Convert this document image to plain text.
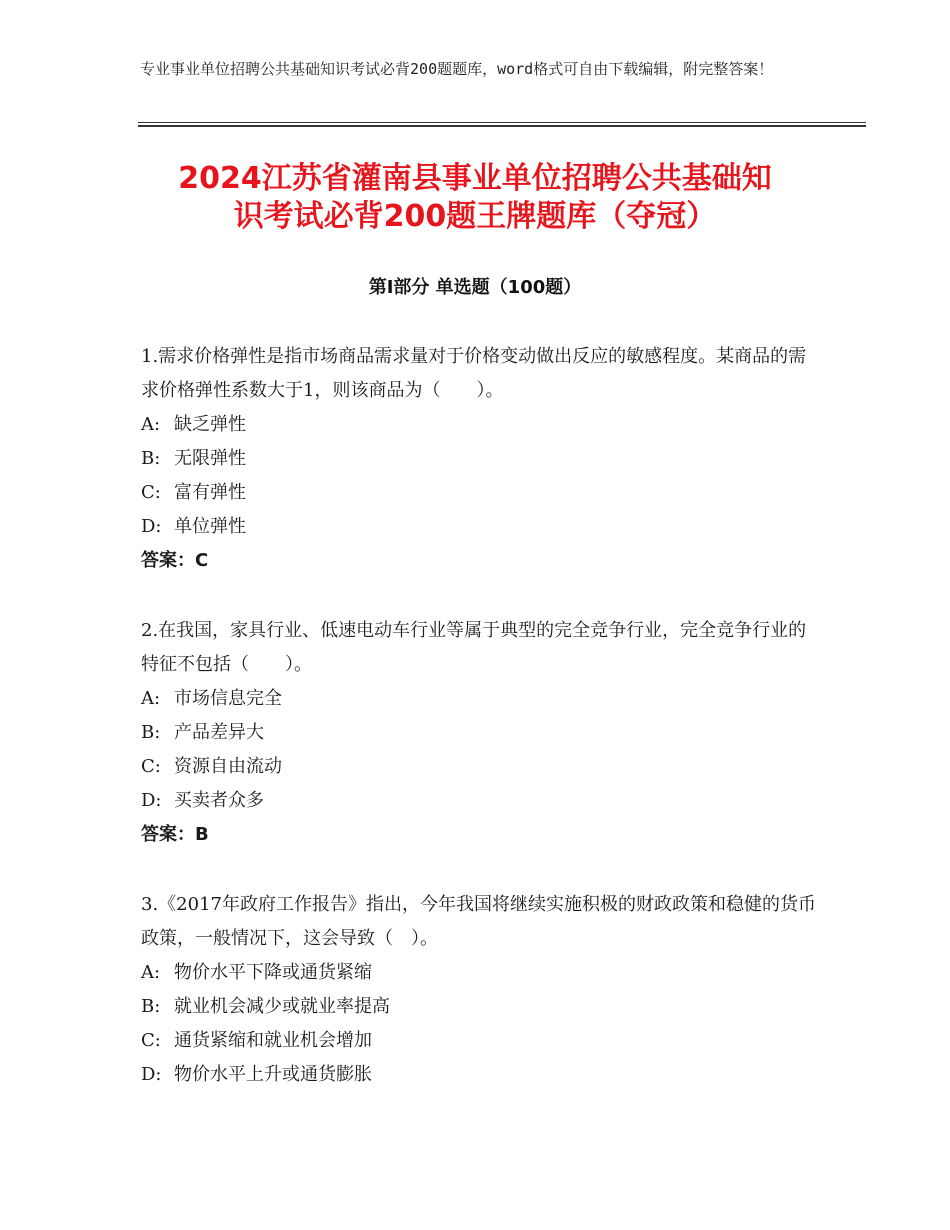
专业事业单位招聘公共基础知识考试必背200题题库，word格式可自由下载编辑，附完整答案！
2024江苏省灌南县事业单位招聘公共基础知
识考试必背200题王牌题库（夺冠）
第Ⅰ部分 单选题（100题）

1.需求价格弹性是指市场商品需求量对于价格变动做出反应的敏感程度。某商品的需求价格弹性系数大于1，则该商品为（　　）。

A: 缺乏弹性

B: 无限弹性

C: 富有弹性

D: 单位弹性

答案：C

2.在我国，家具行业、低速电动车行业等属于典型的完全竞争行业，完全竞争行业的特征不包括（　　）。

A: 市场信息完全

B: 产品差异大

C: 资源自由流动

D: 买卖者众多

答案：B

3.《2017年政府工作报告》指出，今年我国将继续实施积极的财政政策和稳健的货币政策，一般情况下，这会导致（　）。

A: 物价水平下降或通货紧缩

B: 就业机会减少或就业率提高

C: 通货紧缩和就业机会增加

D: 物价水平上升或通货膨胀
